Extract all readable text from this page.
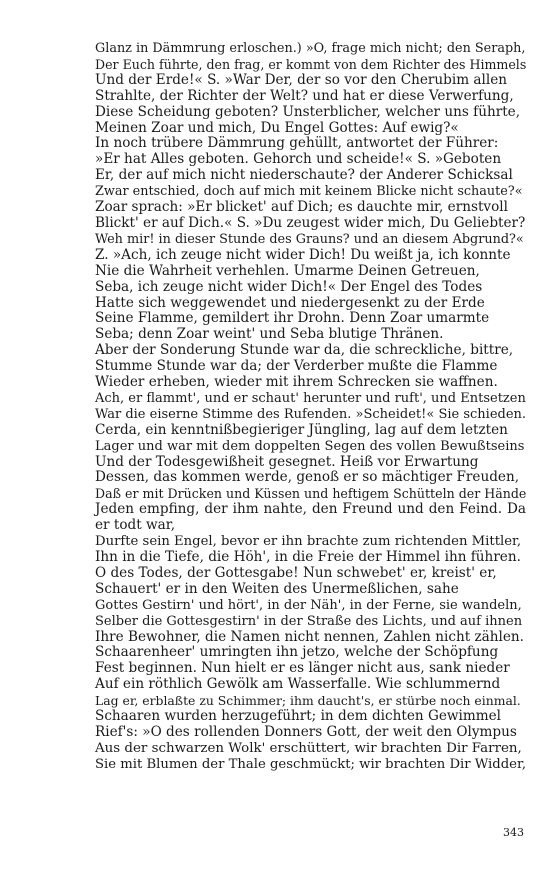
Glanz in Dämmrung erloschen.) »O, frage mich nicht; den Seraph,
Der Euch führte, den frag, er kommt von dem Richter des Himmels
Und der Erde!« S. »War Der, der so vor den Cherubim allen
Strahlte, der Richter der Welt? und hat er diese Verwerfung,
Diese Scheidung geboten? Unsterblicher, welcher uns führte,
Meinen Zoar und mich, Du Engel Gottes: Auf ewig?«
In noch trübere Dämmrung gehüllt, antwortet der Führer:
»Er hat Alles geboten. Gehorch und scheide!« S. »Geboten
Er, der auf mich nicht niederschaute? der Anderer Schicksal
Zwar entschied, doch auf mich mit keinem Blicke nicht schaute?«
Zoar sprach: »Er blicket' auf Dich; es dauchte mir, ernstvoll
Blickt' er auf Dich.« S. »Du zeugest wider mich, Du Geliebter?
Weh mir! in dieser Stunde des Grauns? und an diesem Abgrund?«
Z. »Ach, ich zeuge nicht wider Dich! Du weißt ja, ich konnte
Nie die Wahrheit verhehlen. Umarme Deinen Getreuen,
Seba, ich zeuge nicht wider Dich!« Der Engel des Todes
Hatte sich weggewendet und niedergesenkt zu der Erde
Seine Flamme, gemildert ihr Drohn. Denn Zoar umarmte
Seba; denn Zoar weint' und Seba blutige Thränen.
Aber der Sonderung Stunde war da, die schreckliche, bittre,
Stumme Stunde war da; der Verderber mußte die Flamme
Wieder erheben, wieder mit ihrem Schrecken sie waffnen.
Ach, er flammt', und er schaut' herunter und ruft', und Entsetzen
War die eiserne Stimme des Rufenden. »Scheidet!« Sie schieden.
Cerda, ein kenntnißbegieriger Jüngling, lag auf dem letzten
Lager und war mit dem doppelten Segen des vollen Bewußtseins
Und der Todesgewißheit gesegnet. Heiß vor Erwartung
Dessen, das kommen werde, genoß er so mächtiger Freuden,
Daß er mit Drücken und Küssen und heftigem Schütteln der Hände
Jeden empfing, der ihm nahte, den Freund und den Feind. Da er todt war,
Durfte sein Engel, bevor er ihn brachte zum richtenden Mittler,
Ihn in die Tiefe, die Höh', in die Freie der Himmel ihn führen.
O des Todes, der Gottesgabe! Nun schwebet' er, kreist' er,
Schauert' er in den Weiten des Unermeßlichen, sahe
Gottes Gestirn' und hört', in der Näh', in der Ferne, sie wandeln,
Selber die Gottesgestirn' in der Straße des Lichts, und auf ihnen
Ihre Bewohner, die Namen nicht nennen, Zahlen nicht zählen.
Schaarenheer' umringten ihn jetzo, welche der Schöpfung
Fest beginnen. Nun hielt er es länger nicht aus, sank nieder
Auf ein röthlich Gewölk am Wasserfalle. Wie schlummernd
Lag er, erblaßte zu Schimmer; ihm daucht's, er stürbe noch einmal.
Schaaren wurden herzugeführt; in dem dichten Gewimmel
Rief's: »O des rollenden Donners Gott, der weit den Olympus
Aus der schwarzen Wolk' erschüttert, wir brachten Dir Farren,
Sie mit Blumen der Thale geschmückt; wir brachten Dir Widder,
343
